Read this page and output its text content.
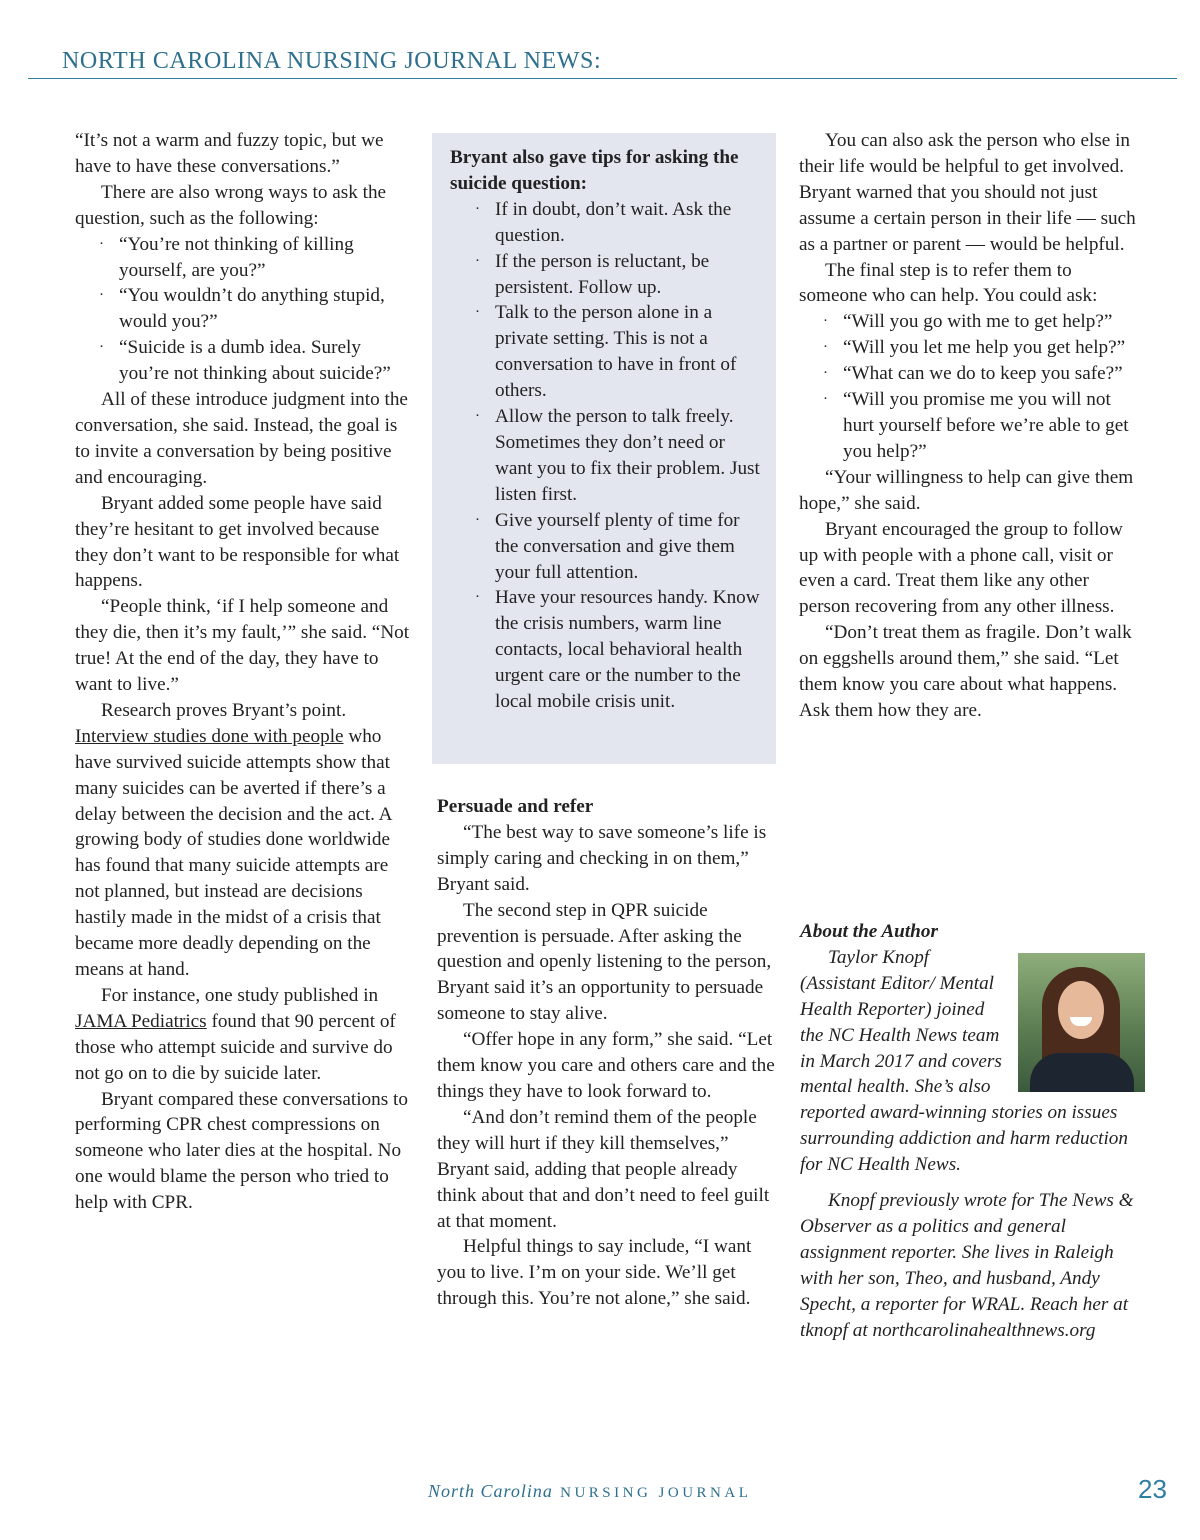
NORTH CAROLINA NURSING JOURNAL NEWS:

“It’s not a warm and fuzzy topic, but we have to have these conversations.”

There are also wrong ways to ask the question, such as the following:

· “You’re not thinking of killing yourself, are you?”
· “You wouldn’t do anything stupid, would you?”
· “Suicide is a dumb idea. Surely you’re not thinking about suicide?”

All of these introduce judgment into the conversation, she said. Instead, the goal is to invite a conversation by being positive and encouraging.

Bryant added some people have said they’re hesitant to get involved because they don’t want to be responsible for what happens.

“People think, ‘if I help someone and they die, then it’s my fault,’” she said. “Not true! At the end of the day, they have to want to live.”

Research proves Bryant’s point. Interview studies done with people who have survived suicide attempts show that many suicides can be averted if there’s a delay between the decision and the act. A growing body of studies done worldwide has found that many suicide attempts are not planned, but instead are decisions hastily made in the midst of a crisis that became more deadly depending on the means at hand.

For instance, one study published in JAMA Pediatrics found that 90 percent of those who attempt suicide and survive do not go on to die by suicide later.

Bryant compared these conversations to performing CPR chest compressions on someone who later dies at the hospital. No one would blame the person who tried to help with CPR.

Bryant also gave tips for asking the suicide question:

· If in doubt, don’t wait. Ask the question.
· If the person is reluctant, be persistent. Follow up.
· Talk to the person alone in a private setting. This is not a conversation to have in front of others.
· Allow the person to talk freely. Sometimes they don’t need or want you to fix their problem. Just listen first.
· Give yourself plenty of time for the conversation and give them your full attention.
· Have your resources handy. Know the crisis numbers, warm line contacts, local behavioral health urgent care or the number to the local mobile crisis unit.

Persuade and refer

“The best way to save someone’s life is simply caring and checking in on them,” Bryant said.

The second step in QPR suicide prevention is persuade. After asking the question and openly listening to the person, Bryant said it’s an opportunity to persuade someone to stay alive.

“Offer hope in any form,” she said. “Let them know you care and others care and the things they have to look forward to.

“And don’t remind them of the people they will hurt if they kill themselves,” Bryant said, adding that people already think about that and don’t need to feel guilt at that moment.

Helpful things to say include, “I want you to live. I’m on your side. We’ll get through this. You’re not alone,” she said.

You can also ask the person who else in their life would be helpful to get involved. Bryant warned that you should not just assume a certain person in their life — such as a partner or parent — would be helpful.

The final step is to refer them to someone who can help. You could ask:

· “Will you go with me to get help?”
· “Will you let me help you get help?”
· “What can we do to keep you safe?”
· “Will you promise me you will not hurt yourself before we’re able to get you help?”

“Your willingness to help can give them hope,” she said.

Bryant encouraged the group to follow up with people with a phone call, visit or even a card. Treat them like any other person recovering from any other illness.

“Don’t treat them as fragile. Don’t walk on eggshells around them,” she said. “Let them know you care about what happens. Ask them how they are.

About the Author

Taylor Knopf (Assistant Editor/ Mental Health Reporter) joined the NC Health News team in March 2017 and covers mental health. She’s also reported award-winning stories on issues surrounding addiction and harm reduction for NC Health News.

Knopf previously wrote for The News & Observer as a politics and general assignment reporter. She lives in Raleigh with her son, Theo, and husband, Andy Specht, a reporter for WRAL. Reach her at tknopf at northcarolinahealthnews.org

North Carolina NURSING JOURNAL	23
